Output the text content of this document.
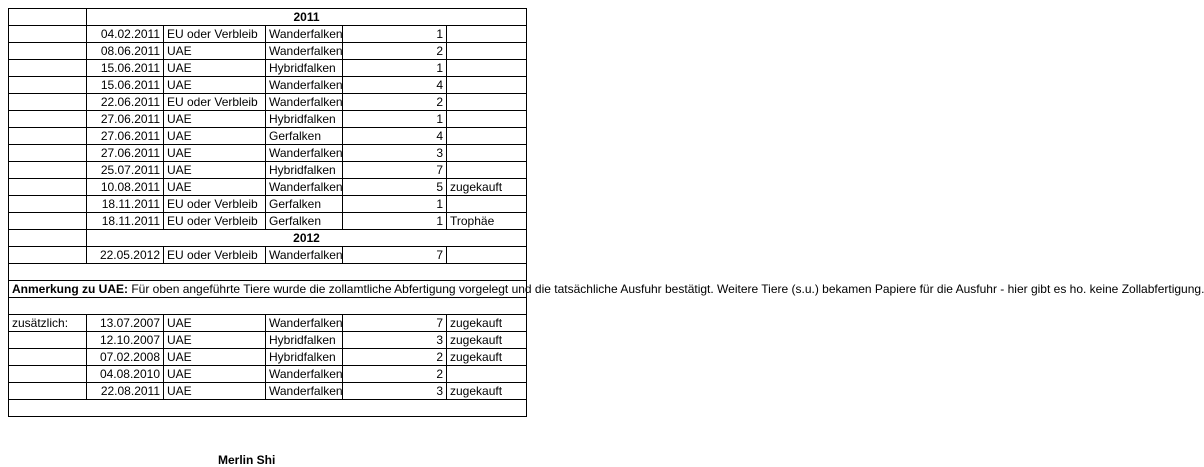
	2011				
	04.02.2011	EU oder Verbleib	Wanderfalken	1	
	08.06.2011	UAE	Wanderfalken	2	
	15.06.2011	UAE	Hybridfalken	1	
	15.06.2011	UAE	Wanderfalken	4	
	22.06.2011	EU oder Verbleib	Wanderfalken	2	
	27.06.2011	UAE	Hybridfalken	1	
	27.06.2011	UAE	Gerfalken	4	
	27.06.2011	UAE	Wanderfalken	3	
	25.07.2011	UAE	Hybridfalken	7	
	10.08.2011	UAE	Wanderfalken	5	zugekauft
	18.11.2011	EU oder Verbleib	Gerfalken	1	
	18.11.2011	EU oder Verbleib	Gerfalken	1	Trophäe
	2012				
	22.05.2012	EU oder Verbleib	Wanderfalken	7	

Anmerkung zu UAE: Für oben angeführte Tiere wurde die zollamtliche Abfertigung vorgelegt und die tatsächliche Ausfuhr bestätigt. Weitere Tiere (s.u.) bekamen Papiere für die Ausfuhr - hier gibt es ho. keine Zollabfertigung.					

zusätzlich:	13.07.2007	UAE	Wanderfalken	7	zugekauft
	12.10.2007	UAE	Hybridfalken	3	zugekauft
	07.02.2008	UAE	Hybridfalken	2	zugekauft
	04.08.2010	UAE	Wanderfalken	2	
	22.08.2011	UAE	Wanderfalken	3	zugekauft

Merlin Shi
